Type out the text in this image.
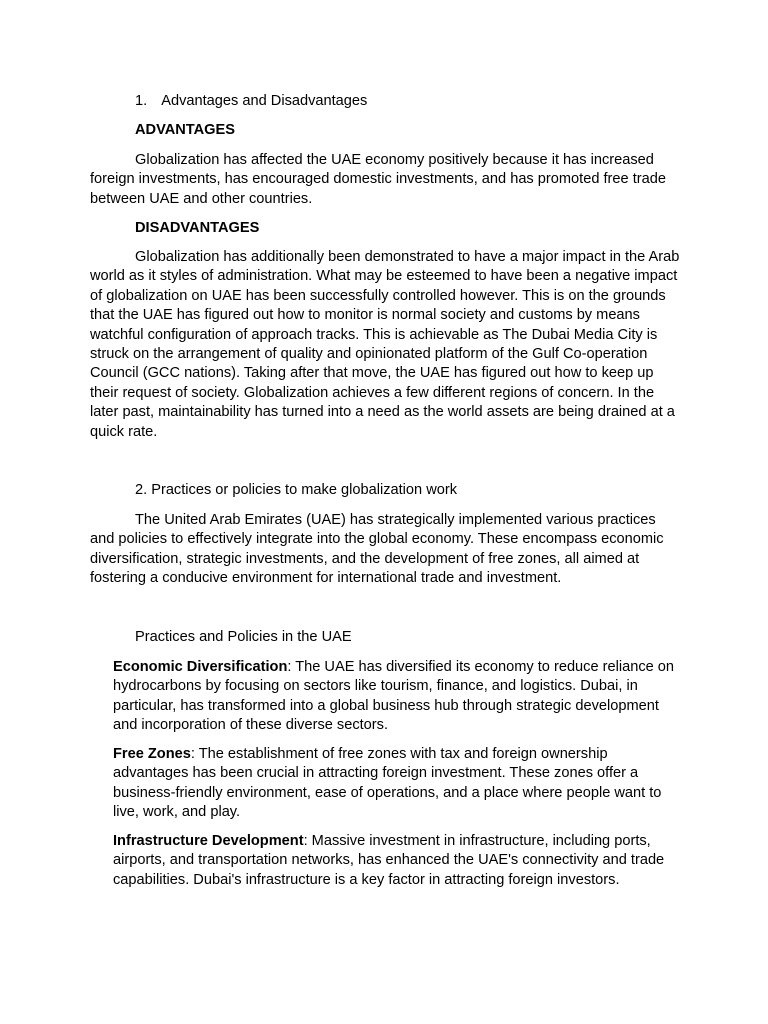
1. Advantages and Disadvantages

ADVANTAGES

Globalization has affected the UAE economy positively because it has increased foreign investments, has encouraged domestic investments, and has promoted free trade between UAE and other countries.

DISADVANTAGES

Globalization has additionally been demonstrated to have a major impact in the Arab world as it styles of administration. What may be esteemed to have been a negative impact of globalization on UAE has been successfully controlled however. This is on the grounds that the UAE has figured out how to monitor is normal society and customs by means watchful configuration of approach tracks. This is achievable as The Dubai Media City is struck on the arrangement of quality and opinionated platform of the Gulf Co-operation Council (GCC nations). Taking after that move, the UAE has figured out how to keep up their request of society. Globalization achieves a few different regions of concern. In the later past, maintainability has turned into a need as the world assets are being drained at a quick rate.

2. Practices or policies to make globalization work

The United Arab Emirates (UAE) has strategically implemented various practices and policies to effectively integrate into the global economy. These encompass economic diversification, strategic investments, and the development of free zones, all aimed at fostering a conducive environment for international trade and investment.

Practices and Policies in the UAE

Economic Diversification: The UAE has diversified its economy to reduce reliance on hydrocarbons by focusing on sectors like tourism, finance, and logistics. Dubai, in particular, has transformed into a global business hub through strategic development and incorporation of these diverse sectors.

Free Zones: The establishment of free zones with tax and foreign ownership advantages has been crucial in attracting foreign investment. These zones offer a business-friendly environment, ease of operations, and a place where people want to live, work, and play.

Infrastructure Development: Massive investment in infrastructure, including ports, airports, and transportation networks, has enhanced the UAE's connectivity and trade capabilities. Dubai's infrastructure is a key factor in attracting foreign investors.
